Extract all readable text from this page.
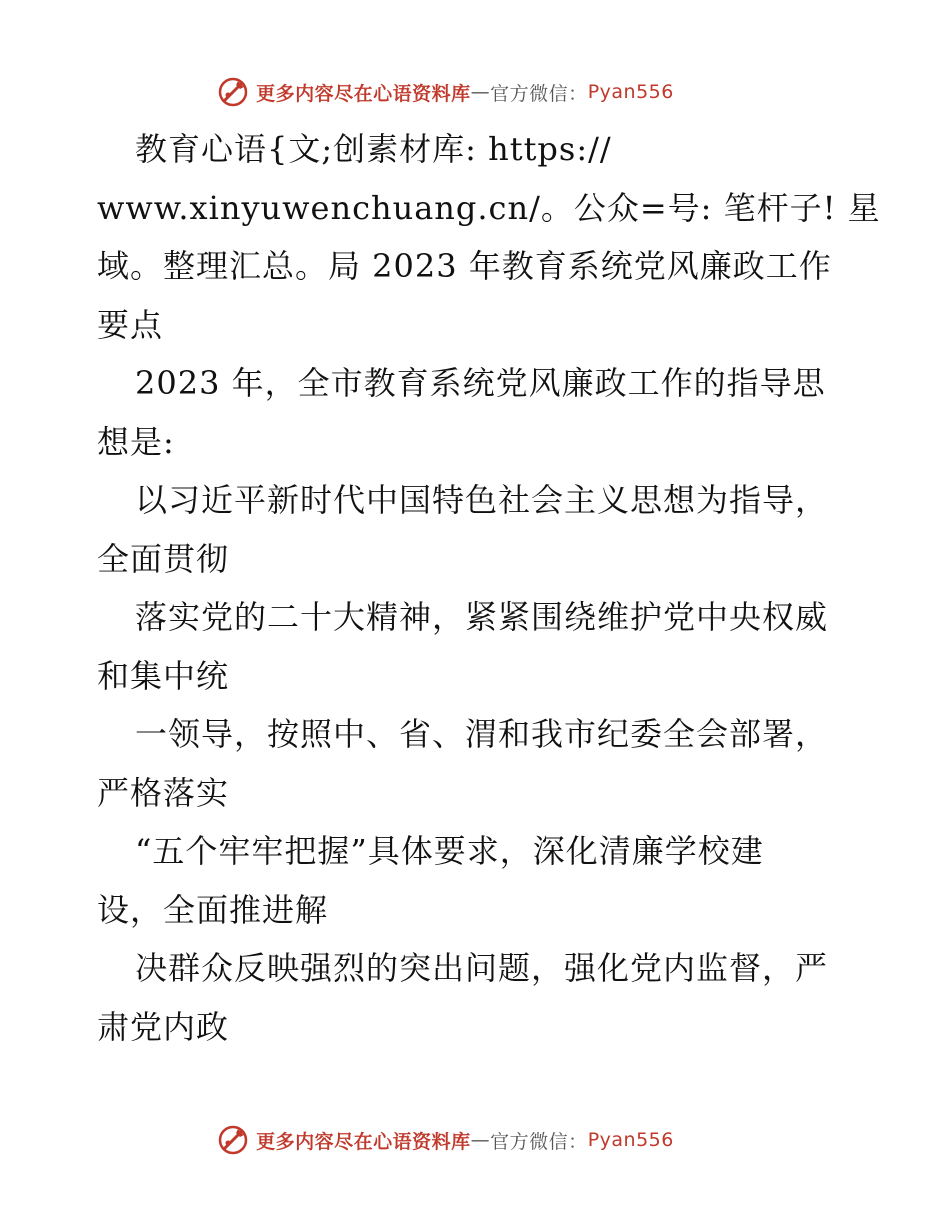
更多内容尽在心语资料库 — 官方微信： Pyan556
教育心语{文;创素材库: https://
www.xinyuwenchuang.cn/。公众=号: 笔杆子! 星
域。整理汇总。局 2023 年教育系统党风廉政工作
要点
2023 年，全市教育系统党风廉政工作的指导思
想是:
以习近平新时代中国特色社会主义思想为指导，
全面贯彻
落实党的二十大精神，紧紧围绕维护党中央权威
和集中统
一领导，按照中、省、渭和我市纪委全会部署，
严格落实
“五个牢牢把握”具体要求，深化清廉学校建
设，全面推进解
决群众反映强烈的突出问题，强化党内监督，严
肃党内政
更多内容尽在心语资料库 — 官方微信： Pyan556
